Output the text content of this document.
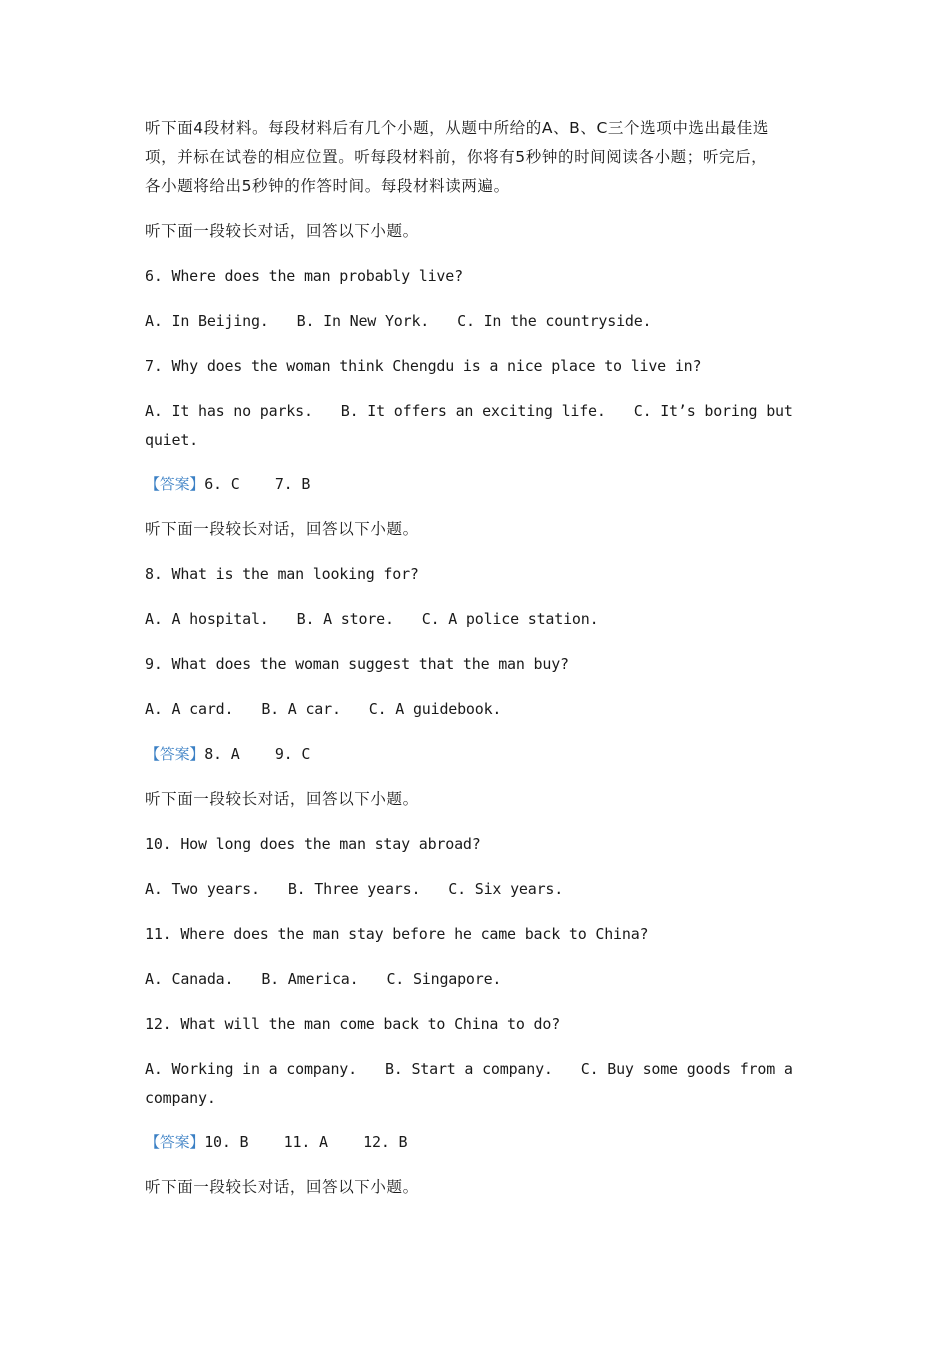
听下面4段材料。每段材料后有几个小题，从题中所给的A、B、C三个选项中选出最佳选

项，并标在试卷的相应位置。听每段材料前，你将有5秒钟的时间阅读各小题；听完后，

各小题将给出5秒钟的作答时间。每段材料读两遍。

听下面一段较长对话，回答以下小题。

6. Where does the man probably live?

A. In Beijing. B. In New York. C. In the countryside.

7. Why does the woman think Chengdu is a nice place to live in?

A. It has no parks. B. It offers an exciting life. C. It’s boring but

quiet.

【答案】6. C    7. B

听下面一段较长对话，回答以下小题。

8. What is the man looking for?

A. A hospital. B. A store. C. A police station.

9. What does the woman suggest that the man buy?

A. A card. B. A car. C. A guidebook.

【答案】8. A    9. C

听下面一段较长对话，回答以下小题。

10. How long does the man stay abroad?

A. Two years. B. Three years. C. Six years.

11. Where does the man stay before he came back to China?

A. Canada. B. America. C. Singapore.

12. What will the man come back to China to do?

A. Working in a company. B. Start a company. C. Buy some goods from a

company.

【答案】10. B    11. A    12. B

听下面一段较长对话，回答以下小题。
